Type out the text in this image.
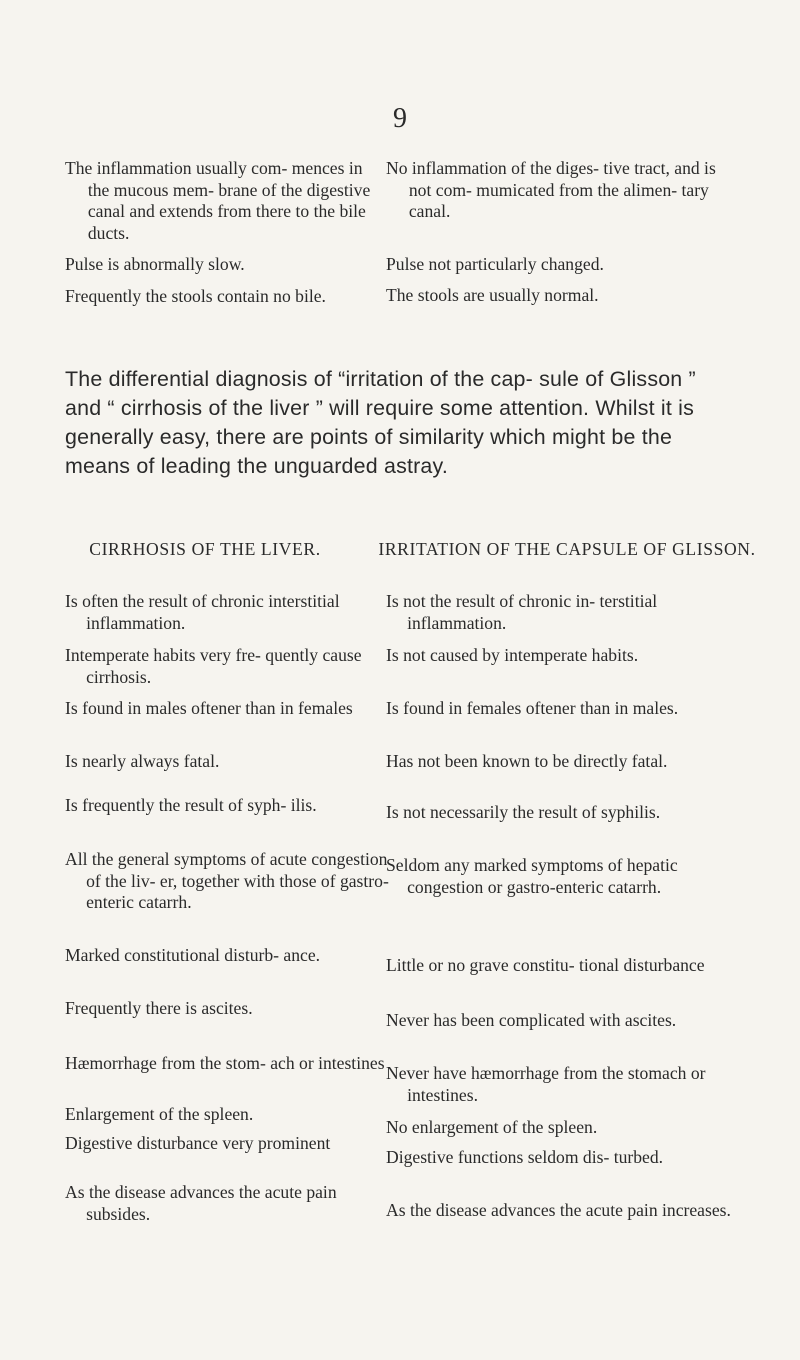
9

The inflammation usually com- mences in the mucous mem- brane of the digestive canal and extends from there to the bile ducts.

Pulse is abnormally slow.

Frequently the stools contain no bile.

No inflammation of the diges- tive tract, and is not com- mumicated from the alimen- tary canal.

Pulse not particularly changed.

The stools are usually normal.

The differential diagnosis of “irritation of the cap- sule of Glisson ” and “ cirrhosis of the liver ” will require some attention. Whilst it is generally easy, there are points of similarity which might be the means of leading the unguarded astray.

CIRRHOSIS OF THE LIVER.	IRRITATION OF THE CAPSULE OF GLISSON.

Is often the result of chronic interstitial inflammation.

Intemperate habits very fre- quently cause cirrhosis.

Is found in males oftener than in females

Is nearly always fatal.

Is frequently the result of syph- ilis.

All the general symptoms of acute congestion of the liv- er, together with those of gastro-enteric catarrh.

Marked constitutional disturb- ance.

Frequently there is ascites.

Hæmorrhage from the stom- ach or intestines

Enlargement of the spleen.

Digestive disturbance very prominent

As the disease advances the acute pain subsides.

Is not the result of chronic in- terstitial inflammation.

Is not caused by intemperate habits.

Is found in females oftener than in males.

Has not been known to be directly fatal.

Is not necessarily the result of syphilis.

Seldom any marked symptoms of hepatic congestion or gastro-enteric catarrh.

Little or no grave constitu- tional disturbance

Never has been complicated with ascites.

Never have hæmorrhage from the stomach or intestines.

No enlargement of the spleen.

Digestive functions seldom dis- turbed.

As the disease advances the acute pain increases.
